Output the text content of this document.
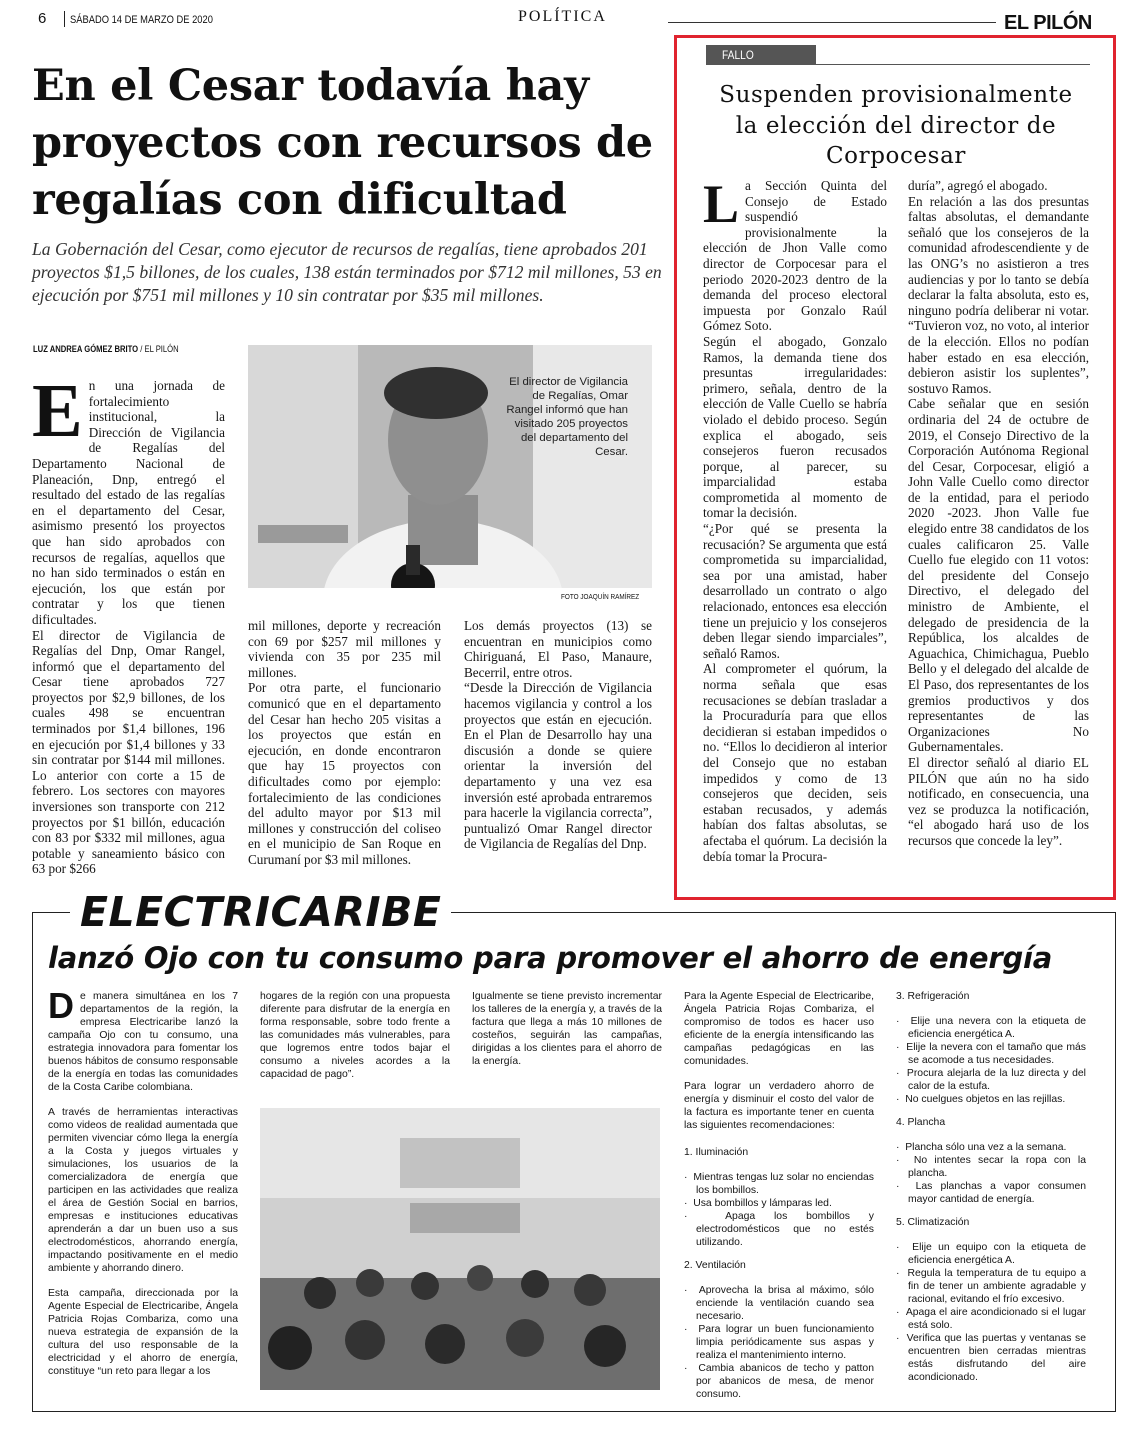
6 SÁBADO 14 DE MARZO DE 2020	POLÍTICA	EL PILÓN
En el Cesar todavía hay proyectos con recursos de regalías con dificultad

La Gobernación del Cesar, como ejecutor de recursos de regalías, tiene aprobados 201 proyectos $1,5 billones, de los cuales, 138 están terminados por $712 mil millones, 53 en ejecución por $751 mil millones y 10 sin contratar por $35 mil millones.

LUZ ANDREA GÓMEZ BRITO / EL PILÓN

El director de Vigilancia de Regalías, Omar Rangel informó que han visitado 205 proyectos del departamento del Cesar.

FOTO JOAQUÍN RAMÍREZ
E n una jornada de fortalecimiento institucional, la Dirección de Vigilancia de Regalías del Departamento Nacional de Planeación, Dnp, entregó el resultado del estado de las regalías en el departamento del Cesar, asimismo presentó los proyectos que han sido aprobados con recursos de regalías, aquellos que no han sido terminados o están en ejecución, los que están por contratar y los que tienen dificultades.

El director de Vigilancia de Regalías del Dnp, Omar Rangel, informó que el departamento del Cesar tiene aprobados 727 proyectos por $2,9 billones, de los cuales 498 se encuentran terminados por $1,4 billones, 196 en ejecución por $1,4 billones y 33 sin contratar por $144 mil millones. Lo anterior con corte a 15 de febrero. Los sectores con mayores inversiones son transporte con 212 proyectos por $1 billón, educación con 83 por $332 mil millones, agua potable y saneamiento básico con 63 por $266

mil millones, deporte y recreación con 69 por $257 mil millones y vivienda con 35 por 235 mil millones.

Por otra parte, el funcionario comunicó que en el departamento del Cesar han hecho 205 visitas a los proyectos que están en ejecución, en donde encontraron que hay 15 proyectos con dificultades como por ejemplo: fortalecimiento de las condiciones del adulto mayor por $13 mil millones y construcción del coliseo en el municipio de San Roque en Curumaní por $3 mil millones.

Los demás proyectos (13) se encuentran en municipios como Chiriguaná, El Paso, Manaure, Becerril, entre otros.

“Desde la Dirección de Vigilancia hacemos vigilancia y control a los proyectos que están en ejecución. En el Plan de Desarrollo hay una discusión a donde se quiere orientar la inversión del departamento y una vez esa inversión esté aprobada entraremos para hacerle la vigilancia correcta”, puntualizó Omar Rangel director de Vigilancia de Regalías del Dnp.

FALLO
Suspenden provisionalmente la elección del director de Corpocesar
L a Sección Quinta del Consejo de Estado suspendió provisionalmente la elección de Jhon Valle como director de Corpocesar para el periodo 2020-2023 dentro de la demanda del proceso electoral impuesta por Gonzalo Raúl Gómez Soto.

Según el abogado, Gonzalo Ramos, la demanda tiene dos presuntas irregularidades: primero, señala, dentro de la elección de Valle Cuello se habría violado el debido proceso. Según explica el abogado, seis consejeros fueron recusados porque, al parecer, su imparcialidad estaba comprometida al momento de tomar la decisión.

“¿Por qué se presenta la recusación? Se argumenta que está comprometida su imparcialidad, sea por una amistad, haber desarrollado un contrato o algo relacionado, entonces esa elección tiene un prejuicio y los consejeros deben llegar siendo imparciales”, señaló Ramos.

Al comprometer el quórum, la norma señala que esas recusaciones se debían trasladar a la Procuraduría para que ellos decidieran si estaban impedidos o no. “Ellos lo decidieron al interior del Consejo que no estaban impedidos y como de 13 consejeros que deciden, seis estaban recusados, y además habían dos faltas absolutas, se afectaba el quórum. La decisión la debía tomar la Procura-

duría”, agregó el abogado.

En relación a las dos presuntas faltas absolutas, el demandante señaló que los consejeros de la comunidad afrodescendiente y de las ONG’s no asistieron a tres audiencias y por lo tanto se debía declarar la falta absoluta, esto es, ninguno podría deliberar ni votar. “Tuvieron voz, no voto, al interior de la elección. Ellos no podían haber estado en esa elección, debieron asistir los suplentes”, sostuvo Ramos.

Cabe señalar que en sesión ordinaria del 24 de octubre de 2019, el Consejo Directivo de la Corporación Autónoma Regional del Cesar, Corpocesar, eligió a John Valle Cuello como director de la entidad, para el periodo 2020 -2023. Jhon Valle fue elegido entre 38 candidatos de los cuales calificaron 25. Valle Cuello fue elegido con 11 votos: del presidente del Consejo Directivo, el delegado del ministro de Ambiente, el delegado de presidencia de la República, los alcaldes de Aguachica, Chimichagua, Pueblo Bello y el delegado del alcalde de El Paso, dos representantes de los gremios productivos y dos representantes de las Organizaciones No Gubernamentales.

El director señaló al diario EL PILÓN que aún no ha sido notificado, en consecuencia, una vez se produzca la notificación, “el abogado hará uso de los recursos que concede la ley”.

ELECTRICARIBE
lanzó Ojo con tu consumo para promover el ahorro de energía
D e manera simultánea en los 7 departamentos de la región, la empresa Electricaribe lanzó la campaña Ojo con tu consumo, una estrategia innovadora para fomentar los buenos hábitos de consumo responsable de la energía en todas las comunidades de la Costa Caribe colombiana.

A través de herramientas interactivas como videos de realidad aumentada que permiten vivenciar cómo llega la energía a la Costa y juegos virtuales y simulaciones, los usuarios de la comercializadora de energía que participen en las actividades que realiza el área de Gestión Social en barrios, empresas e instituciones educativas aprenderán a dar un buen uso a sus electrodomésticos, ahorrando energía, impactando positivamente en el medio ambiente y ahorrando dinero.

Esta campaña, direccionada por la Agente Especial de Electricaribe, Ángela Patricia Rojas Combariza, como una nueva estrategia de expansión de la cultura del uso responsable de la electricidad y el ahorro de energía, constituye “un reto para llegar a los

hogares de la región con una propuesta diferente para disfrutar de la energía en forma responsable, sobre todo frente a las comunidades más vulnerables, para que logremos entre todos bajar el consumo a niveles acordes a la capacidad de pago”.

Igualmente se tiene previsto incrementar los talleres de la energía y, a través de la factura que llega a más 10 millones de costeños, seguirán las campañas, dirigidas a los clientes para el ahorro de la energía.

Para la Agente Especial de Electricaribe, Ángela Patricia Rojas Combariza, el compromiso de todos es hacer uso eficiente de la energía intensificando las campañas pedagógicas en las comunidades.

Para lograr un verdadero ahorro de energía y disminuir el costo del valor de la factura es importante tener en cuenta las siguientes recomendaciones:

1. Iluminación

·  Mientras tengas luz solar no enciendas los bombillos.
·  Usa bombillos y lámparas led.
·  Apaga los bombillos y electrodomésticos que no estés utilizando.

2. Ventilación

·  Aprovecha la brisa al máximo, sólo enciende la ventilación cuando sea necesario.
·  Para lograr un buen funcionamiento limpia periódicamente sus aspas y realiza el mantenimiento interno.
·  Cambia abanicos de techo y patton por abanicos de mesa, de menor consumo.

3. Refrigeración

·  Elije una nevera con la etiqueta de eficiencia energética A.
·  Elije la nevera con el tamaño que más se acomode a tus necesidades.
·  Procura alejarla de la luz directa y del calor de la estufa.
·  No cuelgues objetos en las rejillas.

4. Plancha

·  Plancha sólo una vez a la semana.
·  No intentes secar la ropa con la plancha.
·  Las planchas a vapor consumen mayor cantidad de energía.

5. Climatización

·  Elije un equipo con la etiqueta de eficiencia energética A.
·  Regula la temperatura de tu equipo a fin de tener un ambiente agradable y racional, evitando el frío excesivo.
·  Apaga el aire acondicionado si el lugar está solo.
·  Verifica que las puertas y ventanas se encuentren bien cerradas mientras estás disfrutando del aire acondicionado.
